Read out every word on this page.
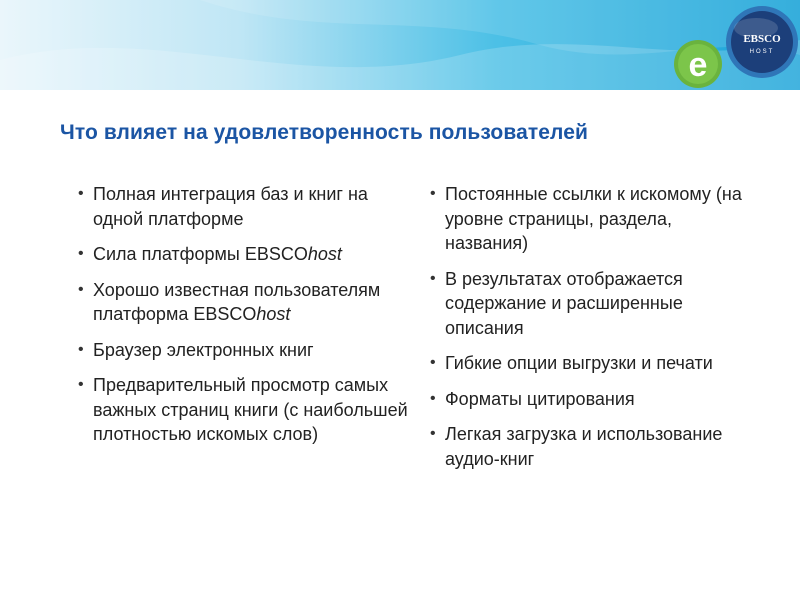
EBSCO
HOST
e
Что влияет на удовлетворенность пользователей
• Полная интеграция баз и книг на одной платформе
• Сила платформы EBSCOhost
• Хорошо известная пользователям платформа EBSCOhost
• Браузер электронных книг
• Предварительный просмотр самых важных страниц книги (с наибольшей плотностью искомых слов)
• Постоянные ссылки к искомому (на уровне страницы, раздела, названия)
• В результатах отображается содержание и расширенные описания
• Гибкие опции выгрузки и печати
• Форматы цитирования
• Легкая загрузка и использование аудио-книг
